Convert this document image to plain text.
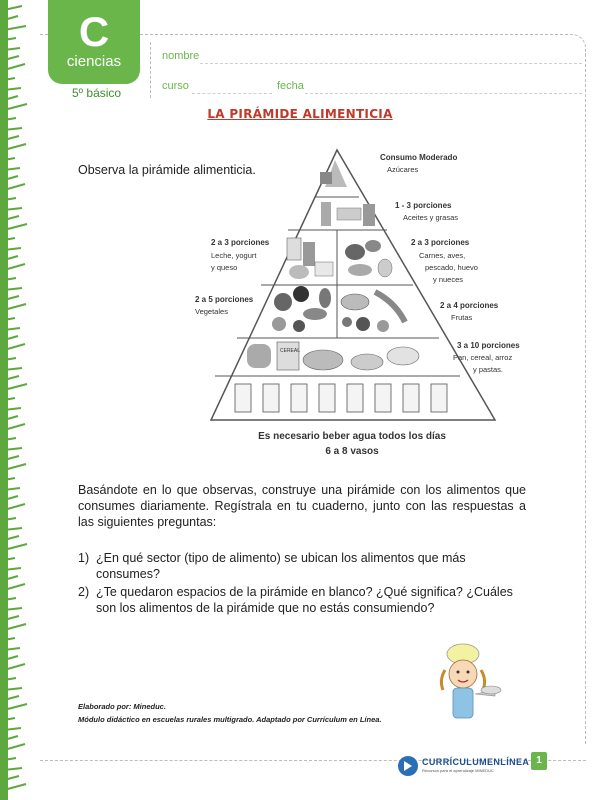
C
ciencias
5º básico
nombre
curso	fecha
LA PIRÁMIDE ALIMENTICIA
Observa la pirámide alimenticia.
CEREAL
Consumo Moderado
Azúcares
1 - 3 porciones
Aceites y grasas
2 a 3 porciones
Leche, yogurt
y queso
2 a 3 porciones
Carnes, aves,
pescado, huevo
y nueces
2 a 5 porciones
Vegetales
2 a 4 porciones
Frutas
3 a 10 porciones
Pan, cereal, arroz
y pastas.
Es necesario beber agua todos los días
6 a 8 vasos
Basándote en lo que observas, construye una pirámide con los alimentos que consumes diariamente. Regístrala en tu cuaderno, junto con las respuestas a las siguientes preguntas:
1) ¿En qué sector (tipo de alimento) se ubican los alimentos que más consumes?
2) ¿Te quedaron espacios de la pirámide en blanco? ¿Qué significa? ¿Cuáles son los alimentos de la pirámide que no estás consumiendo?
Elaborado por: Mineduc.
Módulo didáctico en escuelas rurales multigrado. Adaptado por Currículum en Línea.
CURRÍCULUMENLÍNEA
Recursos para el aprendizaje MINEDUC
1
